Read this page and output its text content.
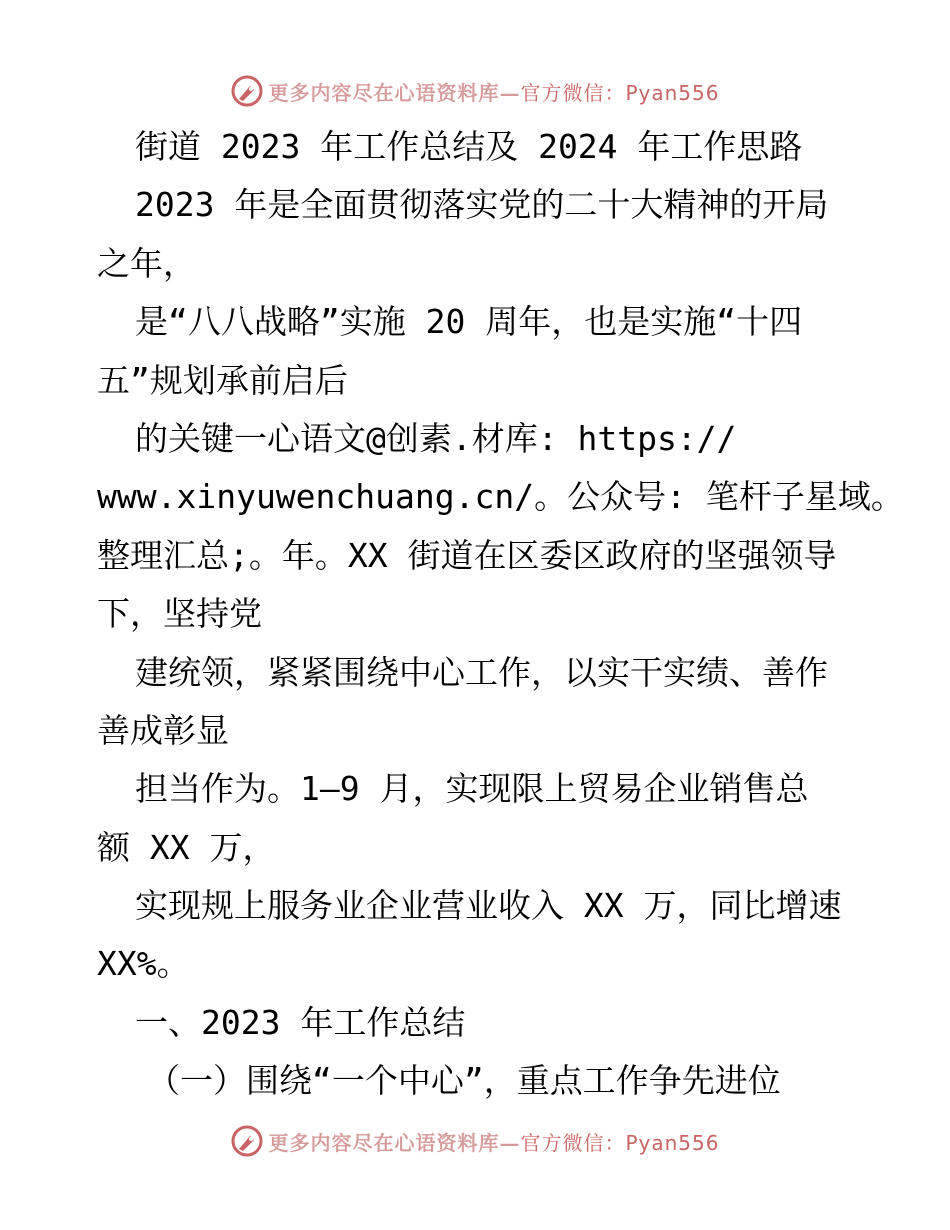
更多内容尽在心语资料库—官方微信：Pyan556
街道 2023 年工作总结及 2024 年工作思路
2023 年是全面贯彻落实党的二十大精神的开局
之年，
是“八八战略”实施 20 周年，也是实施“十四
五”规划承前启后
的关键一心语文@创素.材库: https://
www.xinyuwenchuang.cn/。公众号: 笔杆子星域。
整理汇总;。年。XX 街道在区委区政府的坚强领导
下，坚持党
建统领，紧紧围绕中心工作，以实干实绩、善作
善成彰显
担当作为。1—9 月，实现限上贸易企业销售总
额 XX 万，
实现规上服务业企业营业收入 XX 万，同比增速
XX%。
一、2023 年工作总结
（一）围绕“一个中心”，重点工作争先进位
更多内容尽在心语资料库—官方微信：Pyan556
